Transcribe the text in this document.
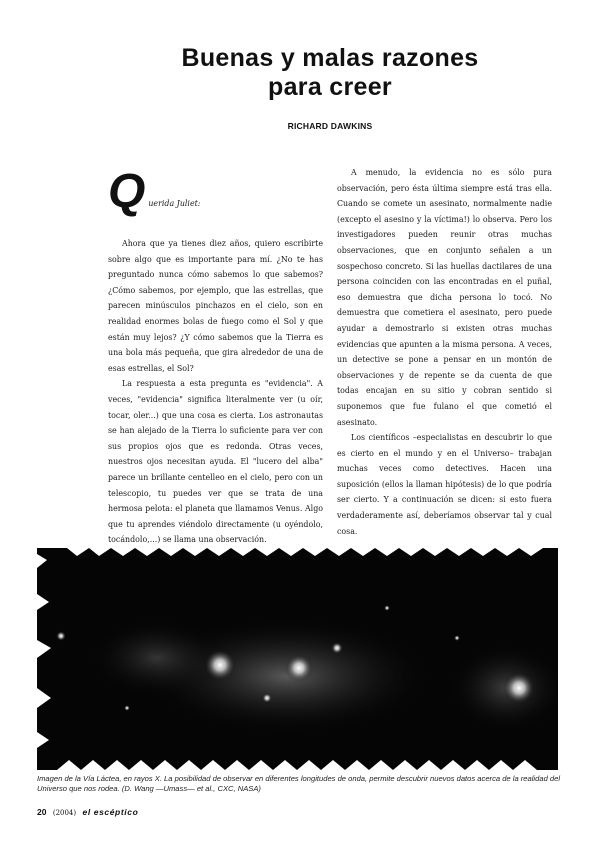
Buenas y malas razones
para creer
RICHARD DAWKINS
Q uerida Juliet:

Ahora que ya tienes diez años, quiero escribirte sobre algo que es importante para mí. ¿No te has preguntado nunca cómo sabemos lo que sabemos? ¿Cómo sabemos, por ejemplo, que las estrellas, que parecen minúsculos pinchazos en el cielo, son en realidad enormes bolas de fuego como el Sol y que están muy lejos? ¿Y cómo sabemos que la Tierra es una bola más pequeña, que gira alrededor de una de esas estrellas, el Sol?

La respuesta a esta pregunta es "evidencia". A veces, "evidencia" significa literalmente ver (u oír, tocar, oler...) que una cosa es cierta. Los astronautas se han alejado de la Tierra lo suficiente para ver con sus propios ojos que es redonda. Otras veces, nuestros ojos necesitan ayuda. El "lucero del alba" parece un brillante centelleo en el cielo, pero con un telescopio, tu puedes ver que se trata de una hermosa pelota: el planeta que llamamos Venus. Algo que tu aprendes viéndolo directamente (u oyéndolo, tocándolo,...) se llama una observación.

A menudo, la evidencia no es sólo pura observación, pero ésta última siempre está tras ella. Cuando se comete un asesinato, normalmente nadie (excepto el asesino y la víctima!) lo observa. Pero los investigadores pueden reunir otras muchas observaciones, que en conjunto señalen a un sospechoso concreto. Si las huellas dactilares de una persona coinciden con las encontradas en el puñal, eso demuestra que dicha persona lo tocó. No demuestra que cometiera el asesinato, pero puede ayudar a demostrarlo si existen otras muchas evidencias que apunten a la misma persona. A veces, un detective se pone a pensar en un montón de observaciones y de repente se da cuenta de que todas encajan en su sitio y cobran sentido si suponemos que fue fulano el que cometió el asesinato.

Los científicos –especialistas en descubrir lo que es cierto en el mundo y en el Universo– trabajan muchas veces como detectives. Hacen una suposición (ellos la llaman hipótesis) de lo que podría ser cierto. Y a continuación se dicen: si esto fuera verdaderamente así, deberíamos observar tal y cual cosa.

Imagen de la Vía Láctea, en rayos X. La posibilidad de observar en diferentes longitudes de onda, permite descubrir nuevos datos acerca de la realidad del Universo que nos rodea. (D. Wang —Umass— et al., CXC, NASA)
20 (2004) el escéptico
